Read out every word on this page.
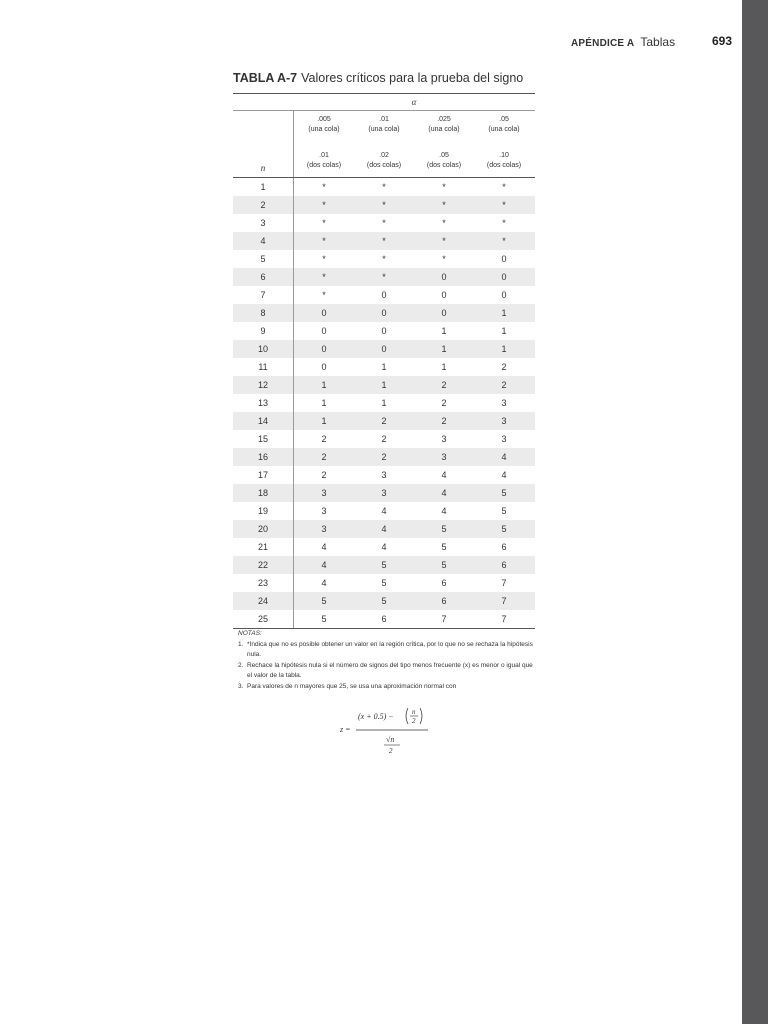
APÉNDICE A Tablas	693
TABLA A-7 Valores críticos para la prueba del signo
α
n
.005
(una cola)
.01
(dos colas)
.01
(una cola)
.02
(dos colas)
.025
(una cola)
.05
(dos colas)
.05
(una cola)
.10
(dos colas)
1	*	*	*	*
2	*	*	*	*
3	*	*	*	*
4	*	*	*	*
5	*	*	*	0
6	*	*	0	0
7	*	0	0	0
8	0	0	0	1
9	0	0	1	1
10	0	0	1	1
11	0	1	1	2
12	1	1	2	2
13	1	1	2	3
14	1	2	2	3
15	2	2	3	3
16	2	2	3	4
17	2	3	4	4
18	3	3	4	5
19	3	4	4	5
20	3	4	5	5
21	4	4	5	6
22	4	5	5	6
23	4	5	6	7
24	5	5	6	7
25	5	6	7	7
NOTAS:
1. *Indica que no es posible obtener un valor en la región crítica, por lo que no se rechaza la hipótesis nula.
2. Rechace la hipótesis nula si el número de signos del tipo menos frecuente (x) es menor o igual que el valor de la tabla.
3. Para valores de n mayores que 25, se usa una aproximación normal con
z =
(x + 0.5) −	n
2
√n
2
